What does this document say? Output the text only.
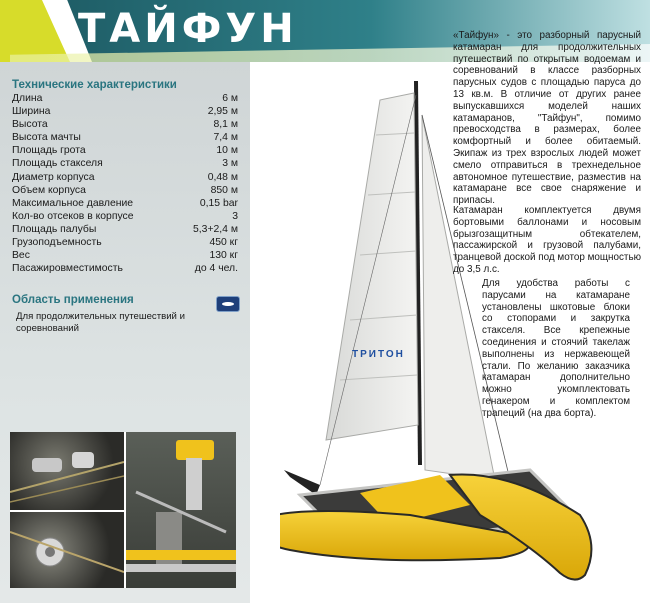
ТАЙФУН
Технические характеристики
Длина	6 м
Ширина	2,95 м
Высота	8,1 м
Высота мачты	7,4 м
Площадь грота	10 м
Площадь стакселя	3 м
Диаметр корпуса	0,48 м
Объем корпуса	850 м
Максимальное давление	0,15 bar
Кол-во отсеков в корпусе	3
Площадь палубы	5,3+2,4 м
Грузоподъемность	450 кг
Вес	130 кг
Пасажировместимость	до 4 чел.
Область применения
Для продолжительных путешествий и соревнований
ТРИТОН
«Тайфун» - это разборный парусный катамаран для продолжительных путешествий по открытым водоемам и соревнований в классе разборных парусных судов с площадью паруса до 13 кв.м. В отличие от других ранее выпускавшихся моделей наших катамаранов, "Тайфун", помимо превосходства в размерах, более комфортный и более обитаемый. Экипаж из трех взрослых людей может смело отправиться в трехнедельное автономное путешествие, разместив на катамаране все свое снаряжение и припасы.
Катамаран комплектуется двумя бортовыми баллонами и носовым брызгозащитным обтекателем, пассажирской и грузовой палубами, транцевой доской под мотор мощностью до 3,5 л.с.
Для удобства работы с парусами на катамаране установлены шкотовые блоки со стопорами и закрутка стакселя. Все крепежные соединения и стоячий такелаж выполнены из нержавеющей стали. По желанию заказчика катамаран дополнительно можно укомплектовать генакером и комплектом трапеций (на два борта).
